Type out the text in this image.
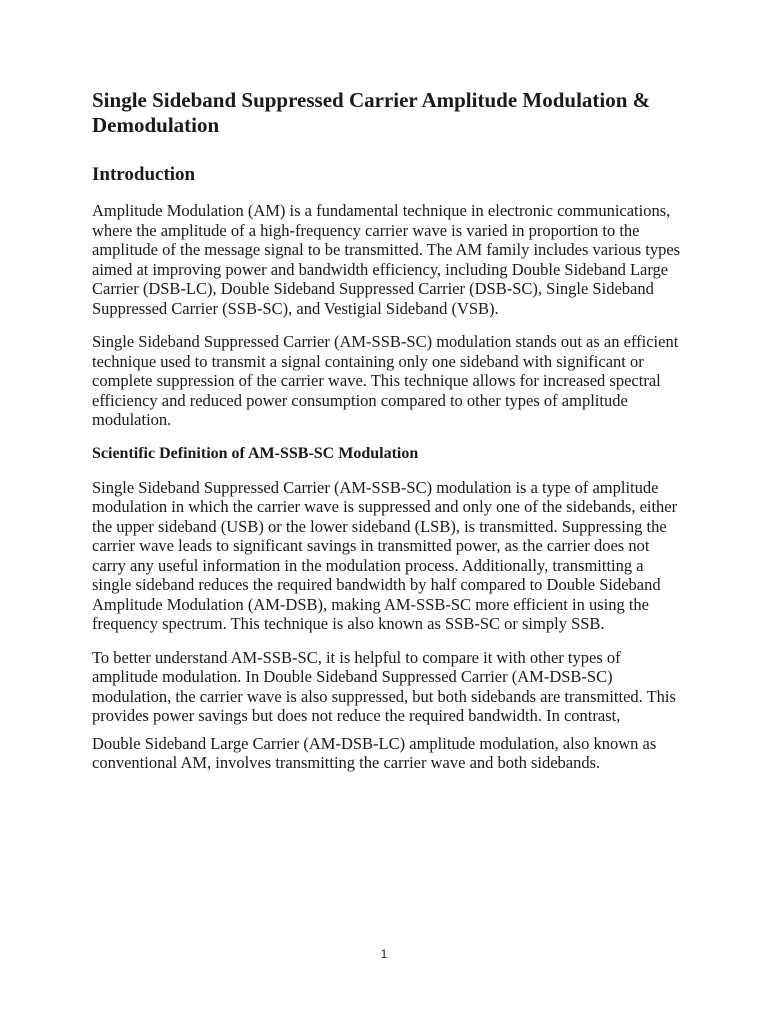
Single Sideband Suppressed Carrier Amplitude Modulation & Demodulation
Introduction

Amplitude Modulation (AM) is a fundamental technique in electronic communications, where the amplitude of a high-frequency carrier wave is varied in proportion to the amplitude of the message signal to be transmitted. The AM family includes various types aimed at improving power and bandwidth efficiency, including Double Sideband Large Carrier (DSB-LC), Double Sideband Suppressed Carrier (DSB-SC), Single Sideband Suppressed Carrier (SSB-SC), and Vestigial Sideband (VSB).

Single Sideband Suppressed Carrier (AM-SSB-SC) modulation stands out as an efficient technique used to transmit a signal containing only one sideband with significant or complete suppression of the carrier wave. This technique allows for increased spectral efficiency and reduced power consumption compared to other types of amplitude modulation.

Scientific Definition of AM-SSB-SC Modulation

Single Sideband Suppressed Carrier (AM-SSB-SC) modulation is a type of amplitude modulation in which the carrier wave is suppressed and only one of the sidebands, either the upper sideband (USB) or the lower sideband (LSB), is transmitted. Suppressing the carrier wave leads to significant savings in transmitted power, as the carrier does not carry any useful information in the modulation process. Additionally, transmitting a single sideband reduces the required bandwidth by half compared to Double Sideband Amplitude Modulation (AM-DSB), making AM-SSB-SC more efficient in using the frequency spectrum. This technique is also known as SSB-SC or simply SSB.

To better understand AM-SSB-SC, it is helpful to compare it with other types of amplitude modulation. In Double Sideband Suppressed Carrier (AM-DSB-SC) modulation, the carrier wave is also suppressed, but both sidebands are transmitted. This provides power savings but does not reduce the required bandwidth. In contrast,

Double Sideband Large Carrier (AM-DSB-LC) amplitude modulation, also known as conventional AM, involves transmitting the carrier wave and both sidebands.

1
